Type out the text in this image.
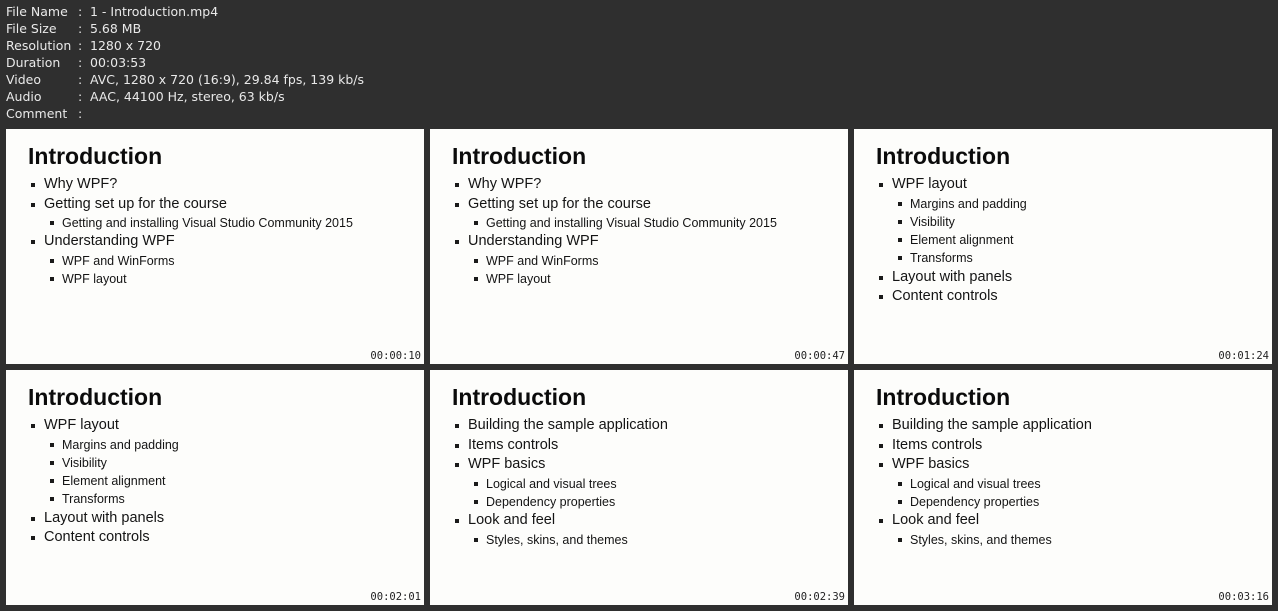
File Name : 1 - Introduction.mp4
File Size	: 5.68 MB
Resolution : 1280 x 720
Duration	: 00:03:53
Video	: AVC, 1280 x 720 (16:9), 29.84 fps, 139 kb/s
Audio	: AAC, 44100 Hz, stereo, 63 kb/s
Comment :
Introduction
Why WPF?
Getting set up for the course
Getting and installing Visual Studio Community 2015
Understanding WPF
WPF and WinForms
WPF layout
00:00:10
Introduction
Why WPF?
Getting set up for the course
Getting and installing Visual Studio Community 2015
Understanding WPF
WPF and WinForms
WPF layout
00:00:47
Introduction
WPF layout
Margins and padding
Visibility
Element alignment
Transforms
Layout with panels
Content controls
00:01:24
Introduction
WPF layout
Margins and padding
Visibility
Element alignment
Transforms
Layout with panels
Content controls
00:02:01
Introduction
Building the sample application
Items controls
WPF basics
Logical and visual trees
Dependency properties
Look and feel
Styles, skins, and themes
00:02:39
Introduction
Building the sample application
Items controls
WPF basics
Logical and visual trees
Dependency properties
Look and feel
Styles, skins, and themes
00:03:16
